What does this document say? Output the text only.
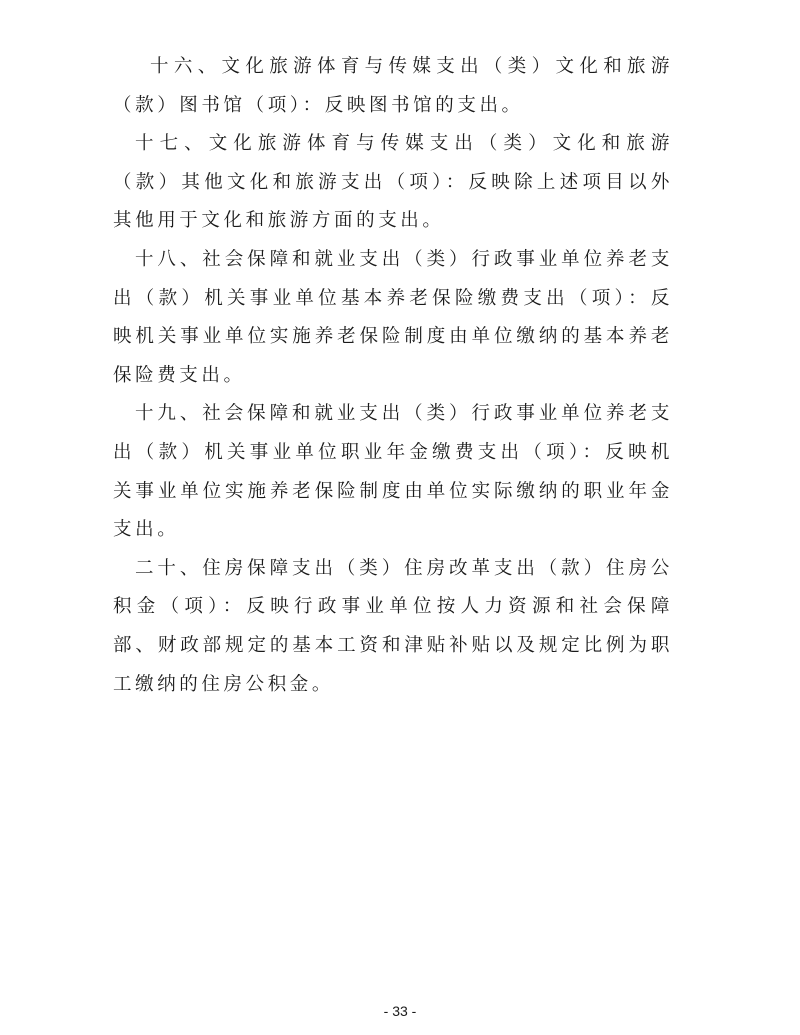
十六、文化旅游体育与传媒支出（类）文化和旅游（款）图书馆（项）：反映图书馆的支出。

十七、文化旅游体育与传媒支出（类）文化和旅游（款）其他文化和旅游支出（项）：反映除上述项目以外其他用于文化和旅游方面的支出。

十八、社会保障和就业支出（类）行政事业单位养老支出（款）机关事业单位基本养老保险缴费支出（项）：反映机关事业单位实施养老保险制度由单位缴纳的基本养老保险费支出。

十九、社会保障和就业支出（类）行政事业单位养老支出（款）机关事业单位职业年金缴费支出（项）：反映机关事业单位实施养老保险制度由单位实际缴纳的职业年金支出。

二十、住房保障支出（类）住房改革支出（款）住房公积金（项）：反映行政事业单位按人力资源和社会保障部、财政部规定的基本工资和津贴补贴以及规定比例为职工缴纳的住房公积金。

- 33 -
